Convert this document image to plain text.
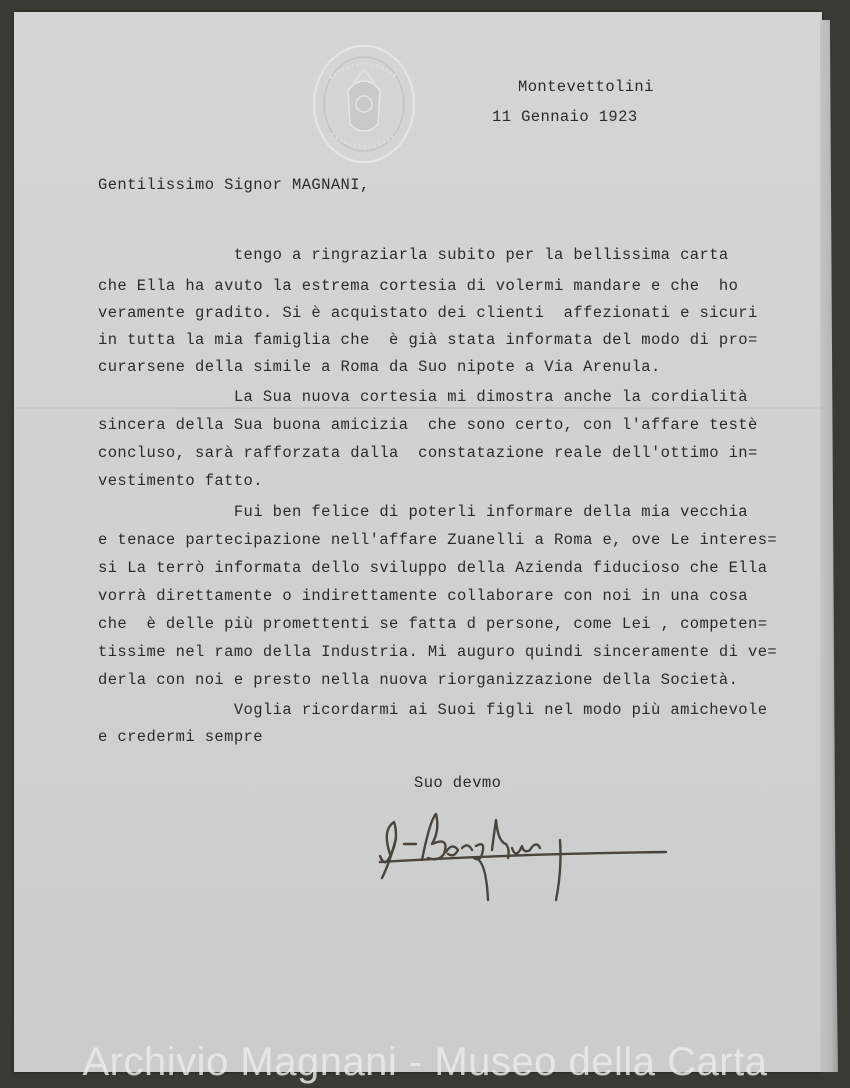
Montevettolini
11 Gennaio 1923
Gentilissimo Signor MAGNANI,
tengo a ringraziarla subito per la bellissima carta
che Ella ha avuto la estrema cortesia di volermi mandare e che  ho
veramente gradito. Si è acquistato dei clienti  affezionati e sicuri
in tutta la mia famiglia che  è già stata informata del modo di pro=
curarsene della simile a Roma da Suo nipote a Via Arenula.
La Sua nuova cortesia mi dimostra anche la cordialità
sincera della Sua buona amicizia  che sono certo, con l'affare testè
concluso, sarà rafforzata dalla  constatazione reale dell'ottimo in=
vestimento fatto.
Fui ben felice di poterli informare della mia vecchia
e tenace partecipazione nell'affare Zuanelli a Roma e, ove Le interes=
si La terrò informata dello sviluppo della Azienda fiducioso che Ella
vorrà direttamente o indirettamente collaborare con noi in una cosa
che  è delle più promettenti se fatta d persone, come Lei , competen=
tissime nel ramo della Industria. Mi auguro quindi sinceramente di ve=
derla con noi e presto nella nuova riorganizzazione della Società.
Voglia ricordarmi ai Suoi figli nel modo più amichevole
e credermi sempre
Suo devmo
Archivio Magnani - Museo della Carta
